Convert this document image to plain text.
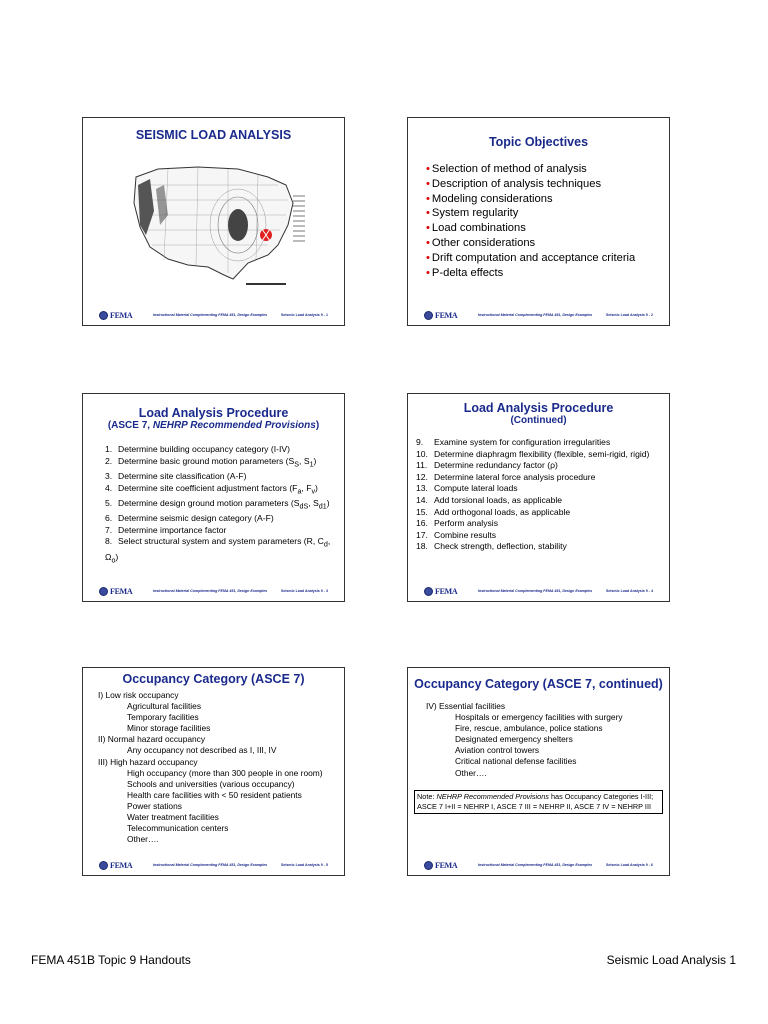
SEISMIC LOAD ANALYSIS
FEMA	Instructional Material Complementing FEMA 451, Design Examples	Seismic Load Analysis 9 - 1
Topic Objectives
• Selection of method of analysis
• Description of analysis techniques
• Modeling considerations
• System regularity
• Load combinations
• Other considerations
• Drift computation and acceptance criteria
• P-delta effects
FEMA	Instructional Material Complementing FEMA 451, Design Examples	Seismic Load Analysis 9 - 2
Load Analysis Procedure
(ASCE 7, NEHRP Recommended Provisions)
1. Determine building occupancy category (I-IV)
2. Determine basic ground motion parameters ($S_S$, $S_1$)
3. Determine site classification (A-F)
4. Determine site coefficient adjustment factors ($F_a$, $F_v$)
5. Determine design ground motion parameters ($S_{dS}$, $S_{d1}$)
6. Determine seismic design category (A-F)
7. Determine importance factor
8. Select structural system and system parameters (R, $C_d$, $\Omega_o$)
FEMA	Instructional Material Complementing FEMA 451, Design Examples	Seismic Load Analysis 9 - 3
Load Analysis Procedure
(Continued)
9. Examine system for configuration irregularities
10. Determine diaphragm flexibility (flexible, semi-rigid, rigid)
11. Determine redundancy factor (ρ)
12. Determine lateral force analysis procedure
13. Compute lateral loads
14. Add torsional loads, as applicable
15. Add orthogonal loads, as applicable
16. Perform analysis
17. Combine results
18. Check strength, deflection, stability
FEMA	Instructional Material Complementing FEMA 451, Design Examples	Seismic Load Analysis 9 - 4
Occupancy Category (ASCE 7)
I) Low risk occupancy
Agricultural facilities
Temporary facilities
Minor storage facilities
II) Normal hazard occupancy
Any occupancy not described as I, III, IV
III) High hazard occupancy
High occupancy (more than 300 people in one room)
Schools and universities (various occupancy)
Health care facilities with < 50 resident patients
Power stations
Water treatment facilities
Telecommunication centers
Other….
FEMA	Instructional Material Complementing FEMA 451, Design Examples	Seismic Load Analysis 9 - 5
Occupancy Category (ASCE 7, continued)
IV) Essential facilities
Hospitals or emergency facilities with surgery
Fire, rescue, ambulance, police stations
Designated emergency shelters
Aviation control towers
Critical national defense facilities
Other….
Note: NEHRP Recommended Provisions has Occupancy Categories I-III;
ASCE 7 I+II = NEHRP I, ASCE 7 III = NEHRP II, ASCE 7 IV = NEHRP III
FEMA	Instructional Material Complementing FEMA 451, Design Examples	Seismic Load Analysis 9 - 6
FEMA 451B Topic 9 Handouts	Seismic Load Analysis 1
